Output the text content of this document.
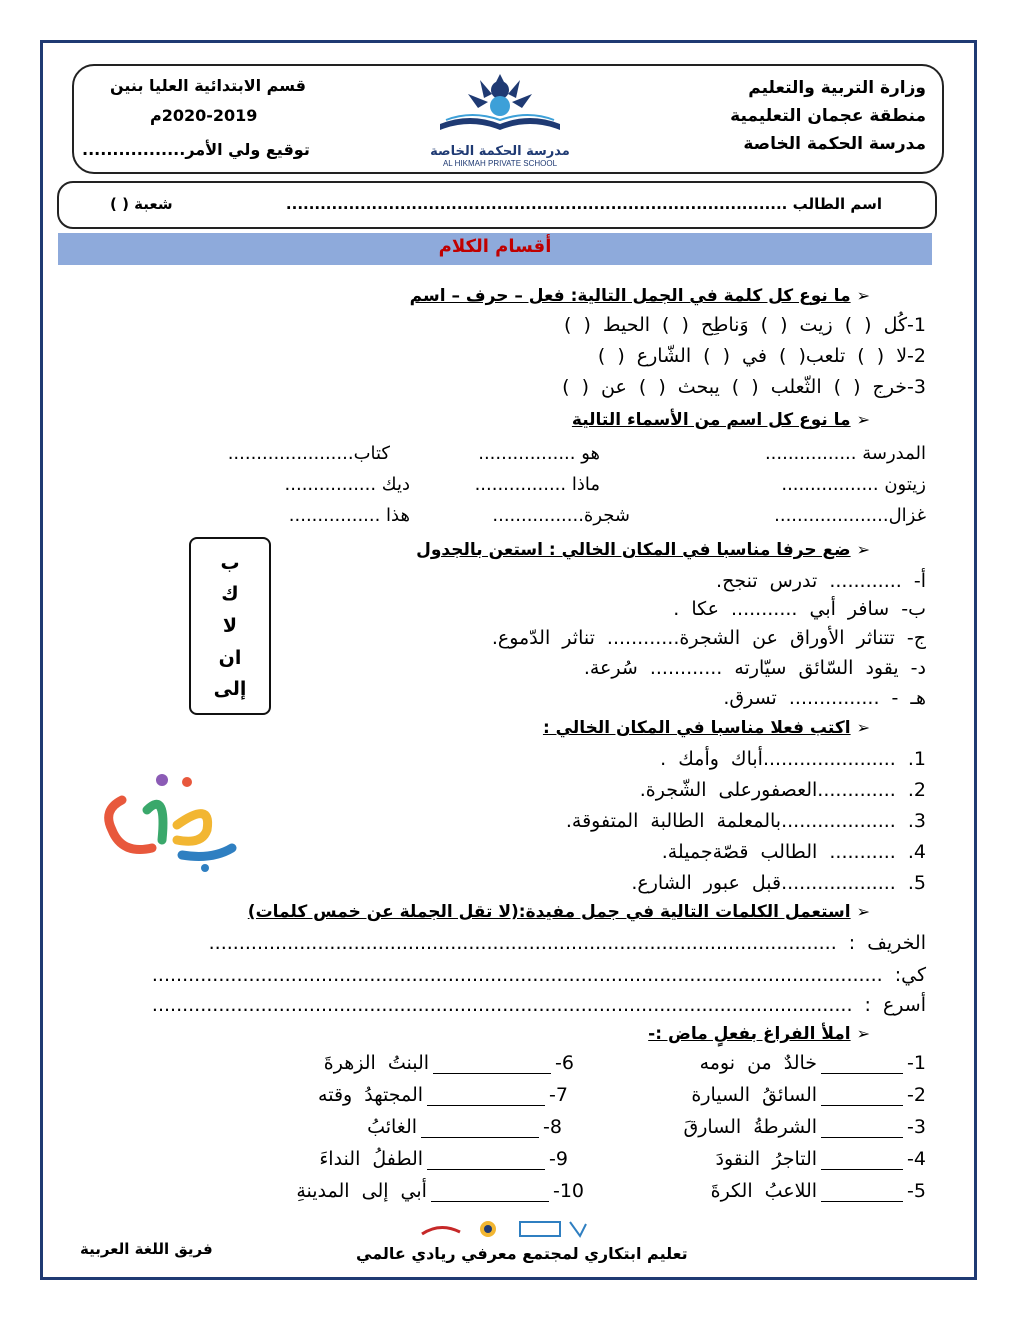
وزارة التربية والتعليم
منطقة عجمان التعليمية
مدرسة الحكمة الخاصة
قسم الابتدائية العليا بنين
2020-2019م
توقيع ولي الأمر.................	مدرسة الحكمة الخاصة
AL HIKMAH PRIVATE SCHOOL
اسم الطالب ........................................................................................
شعبة ( )
أقسام الكلام
➢ما نوع كل كلمة في الجمل التالية: فعل – حرف – اسم
1-كُل ( ) زيت ( ) وَناطِح ( ) الحيط ( )
2-لا ( ) تلعب( ) في ( ) الشّارع ( )
3-خرج ( ) الثّعلب ( ) يبحث ( ) عن ( )
➢ما نوع كل اسم من الأسماء التالية
المدرسة ................
هو .................
كتاب......................
زيتون .................
ماذا ................
ديك ................
غزال....................
شجرة................
هذا ................
➢ضع حرفا مناسبا في المكان الخالي : استعن بالجدول
أ- ............ تدرس تنجح.
ب- سافر أبي ........... عكا .
ج- تتناثر الأوراق عن الشجرة............ تناثر الدّموع.
د- يقود السّائق سيّارته ............ سُرعة.
هـ - ............... تسرق.
ب
ك
لا
ان
إلى
➢اكتب فعلا مناسبا في المكان الخالي :
1. ......................أباك وأمك .
2. .............العصفورعلى الشّجرة.
3. ...................بالمعلمة الطالبة المتفوقة.
4. ........... الطالب قصّةجميلة.
5. ...................قبل عبور الشارع.
➢استعمل الكلمات التالية في جمل مفيدة:(لا تقل الجملة عن خمس كلمات)
الخريف : ........................................................................................................
كي: .........................................................................................................................
أسرع : ....................................................................................................................
➢املأ الفراغ بفعلٍ ماض :-
1-خالدٌ من نومه
2-السائقُ السيارة
3-الشرطةُ السارقَ
4-التاجرُ النقودَ
5-اللاعبُ الكرةَ
6-البنتُ الزهرةَ
7-المجتهدُ وقته
8-الغائبُ
9-الطفلُ النداءَ
10-أبي إلى المدينةِ
فريق اللغة العربية	تعليم ابتكاري لمجتمع معرفي ريادي عالمي
